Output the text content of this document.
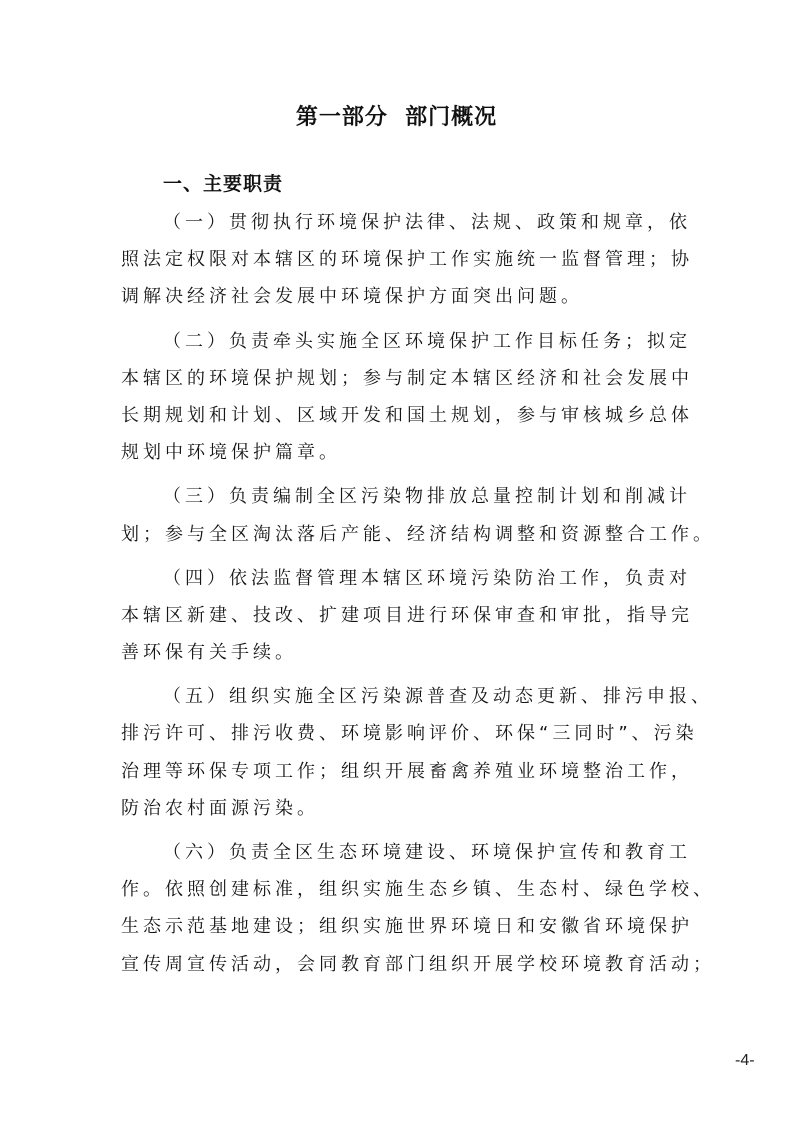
第一部分  部门概况
一、主要职责
（一）贯彻执行环境保护法律、法规、政策和规章，依
照法定权限对本辖区的环境保护工作实施统一监督管理；协
调解决经济社会发展中环境保护方面突出问题。
（二）负责牵头实施全区环境保护工作目标任务；拟定
本辖区的环境保护规划；参与制定本辖区经济和社会发展中
长期规划和计划、区域开发和国土规划，参与审核城乡总体
规划中环境保护篇章。
（三）负责编制全区污染物排放总量控制计划和削减计
划；参与全区淘汰落后产能、经济结构调整和资源整合工作。
（四）依法监督管理本辖区环境污染防治工作，负责对
本辖区新建、技改、扩建项目进行环保审查和审批，指导完
善环保有关手续。
（五）组织实施全区污染源普查及动态更新、排污申报、
排污许可、排污收费、环境影响评价、环保“三同时”、污染
治理等环保专项工作；组织开展畜禽养殖业环境整治工作，
防治农村面源污染。
（六）负责全区生态环境建设、环境保护宣传和教育工
作。依照创建标准，组织实施生态乡镇、生态村、绿色学校、
生态示范基地建设；组织实施世界环境日和安徽省环境保护
宣传周宣传活动，会同教育部门组织开展学校环境教育活动；
-4-
